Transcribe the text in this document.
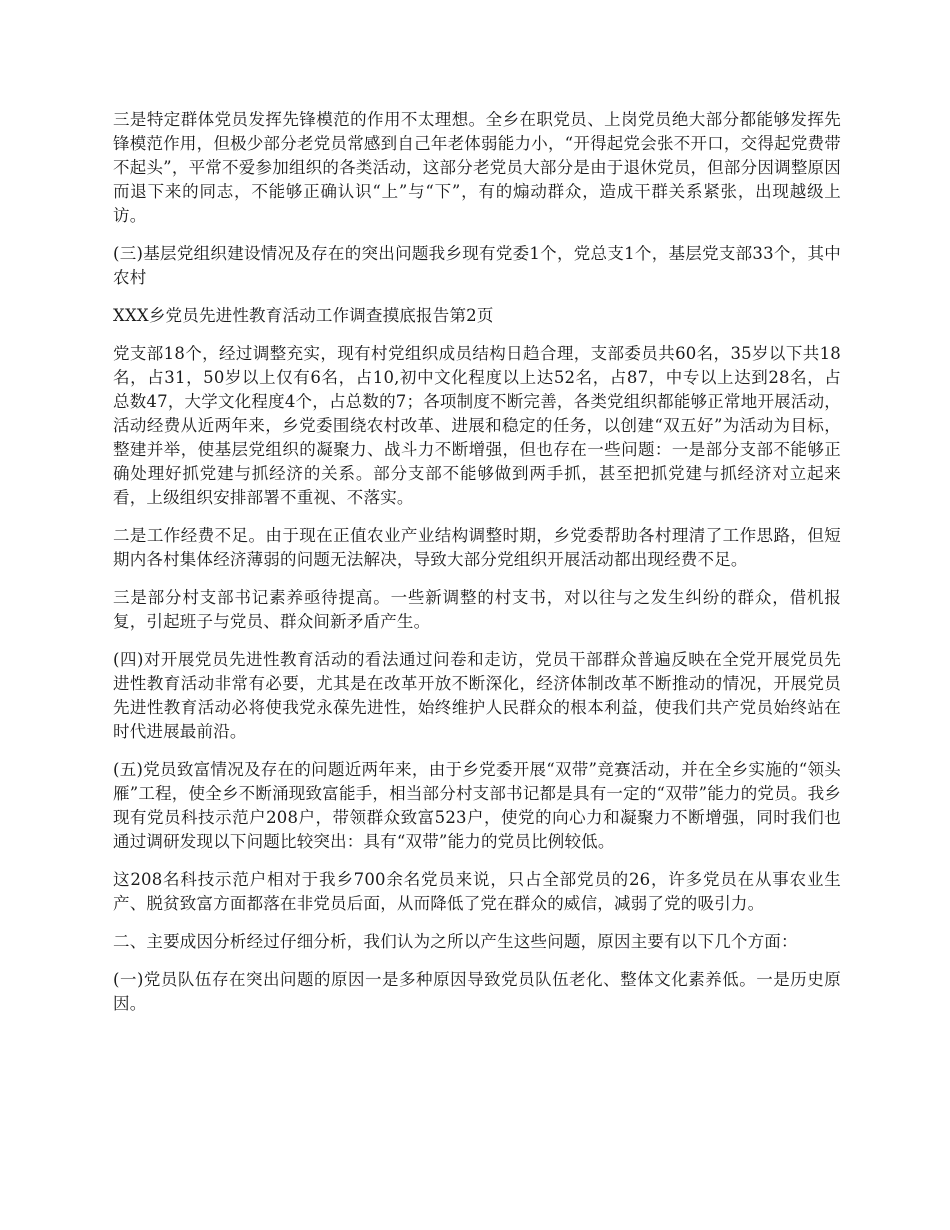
三是特定群体党员发挥先锋模范的作用不太理想。全乡在职党员、上岗党员绝大部分都能够发挥先锋模范作用，但极少部分老党员常感到自己年老体弱能力小，“开得起党会张不开口，交得起党费带不起头”，平常不爱参加组织的各类活动，这部分老党员大部分是由于退休党员，但部分因调整原因而退下来的同志，不能够正确认识“上”与“下”，有的煽动群众，造成干群关系紧张，出现越级上访。

(三)基层党组织建设情况及存在的突出问题我乡现有党委1个，党总支1个，基层党支部33个，其中农村

XXX乡党员先进性教育活动工作调查摸底报告第2页

党支部18个，经过调整充实，现有村党组织成员结构日趋合理，支部委员共60名，35岁以下共18名，占31，50岁以上仅有6名，占10,初中文化程度以上达52名，占87，中专以上达到28名，占总数47，大学文化程度4个，占总数的7；各项制度不断完善，各类党组织都能够正常地开展活动，活动经费从近两年来，乡党委围绕农村改革、进展和稳定的任务，以创建“双五好”为活动为目标，整建并举，使基层党组织的凝聚力、战斗力不断增强，但也存在一些问题：一是部分支部不能够正确处理好抓党建与抓经济的关系。部分支部不能够做到两手抓，甚至把抓党建与抓经济对立起来看，上级组织安排部署不重视、不落实。

二是工作经费不足。由于现在正值农业产业结构调整时期，乡党委帮助各村理清了工作思路，但短期内各村集体经济薄弱的问题无法解决，导致大部分党组织开展活动都出现经费不足。

三是部分村支部书记素养亟待提高。一些新调整的村支书，对以往与之发生纠纷的群众，借机报复，引起班子与党员、群众间新矛盾产生。

(四)对开展党员先进性教育活动的看法通过问卷和走访，党员干部群众普遍反映在全党开展党员先进性教育活动非常有必要，尤其是在改革开放不断深化，经济体制改革不断推动的情况，开展党员先进性教育活动必将使我党永葆先进性，始终维护人民群众的根本利益，使我们共产党员始终站在时代进展最前沿。

(五)党员致富情况及存在的问题近两年来，由于乡党委开展“双带”竞赛活动，并在全乡实施的“领头雁”工程，使全乡不断涌现致富能手，相当部分村支部书记都是具有一定的“双带”能力的党员。我乡现有党员科技示范户208户，带领群众致富523户，使党的向心力和凝聚力不断增强，同时我们也通过调研发现以下问题比较突出：具有“双带”能力的党员比例较低。

这208名科技示范户相对于我乡700余名党员来说，只占全部党员的26，许多党员在从事农业生产、脱贫致富方面都落在非党员后面，从而降低了党在群众的威信，减弱了党的吸引力。

二、主要成因分析经过仔细分析，我们认为之所以产生这些问题，原因主要有以下几个方面：

(一)党员队伍存在突出问题的原因一是多种原因导致党员队伍老化、整体文化素养低。一是历史原因。
